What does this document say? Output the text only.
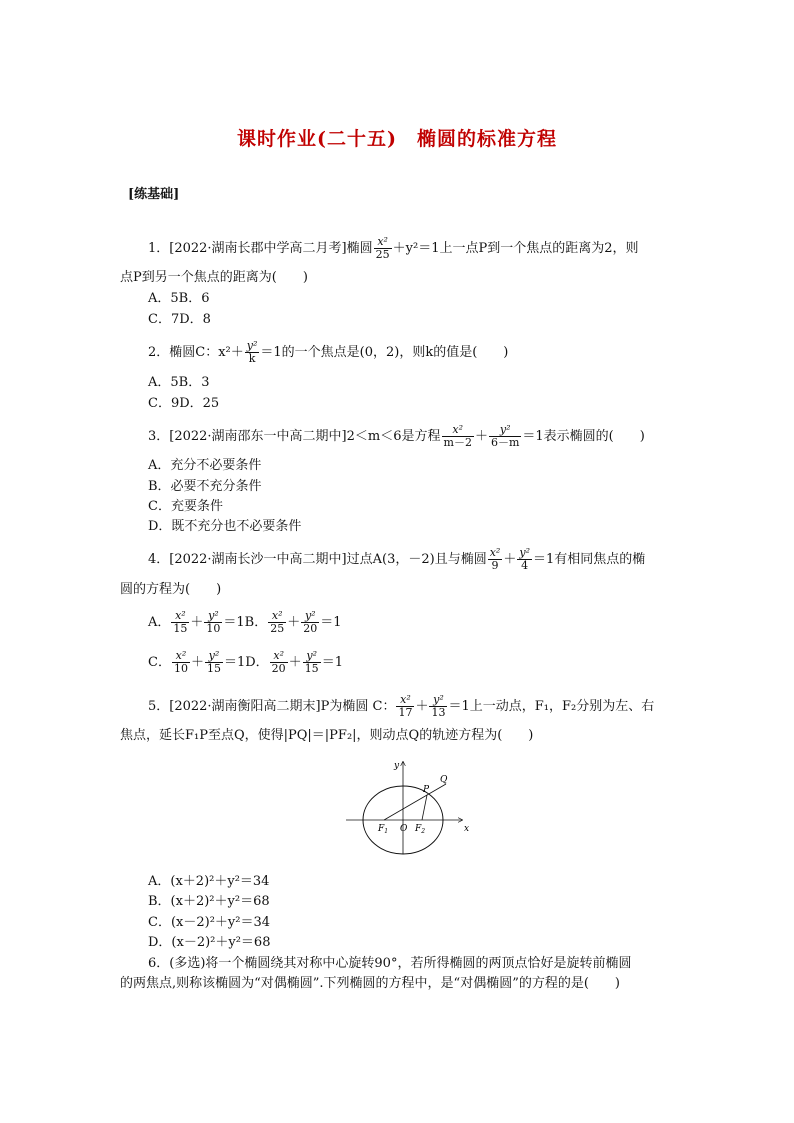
课时作业(二十五)　椭圆的标准方程
[练基础]
1．[2022·湖南长郡中学高二月考]椭圆 $\frac{\text{x²}}{25} +y^2=1$上一点P到一个焦点的距离为2，则
点P到另一个焦点的距离为(　　)
A．5B．6
C．7D．8
2．椭圆C：$x^2+ \frac{\text{y²}}{k} =1$的一个焦点是(0，2)，则k的值是(　　)
A．5B．3
C．9D．25
3．[2022·湖南邵东一中高二期中]2＜m＜6是方程 $\frac{\text{x²}}{m-2} + \frac{\text{y²}}{6-m} =1$表示椭圆的(　　)
A．充分不必要条件
B．必要不充分条件
C．充要条件
D．既不充分也不必要条件
4．[2022·湖南长沙一中高二期中]过点A(3，－2)且与椭圆 $\frac{\text{x²}}{9} + \frac{\text{y²}}{4} =1$有相同焦点的椭
圆的方程为(　　)
A． $\frac{\text{x²}}{15} + \frac{\text{y²}}{10} =1B$． $\frac{\text{x²}}{25} + \frac{\text{y²}}{20} =1$
C． $\frac{\text{x²}}{10} + \frac{\text{y²}}{15} =1D$． $\frac{\text{x²}}{20} + \frac{\text{y²}}{15} =1$
5．[2022·湖南衡阳高二期末]P为椭圆 C： $\frac{\text{x²}}{17} + \frac{\text{y²}}{13} =1$上一动点，F₁，F₂分别为左、右
焦点，延长F₁P至点Q，使得|PQ|＝|PF₂|，则动点Q的轨迹方程为(　　)
y
x
P
Q
O
$F_1$	$F_2$
A．(x＋2)²＋y²＝34
B．(x＋2)²＋y²＝68
C．(x－2)²＋y²＝34
D．(x－2)²＋y²＝68
6．(多选)将一个椭圆绕其对称中心旋转90°，若所得椭圆的两顶点恰好是旋转前椭圆
的两焦点,则称该椭圆为“对偶椭圆”.下列椭圆的方程中，是“对偶椭圆”的方程的是(　　)
